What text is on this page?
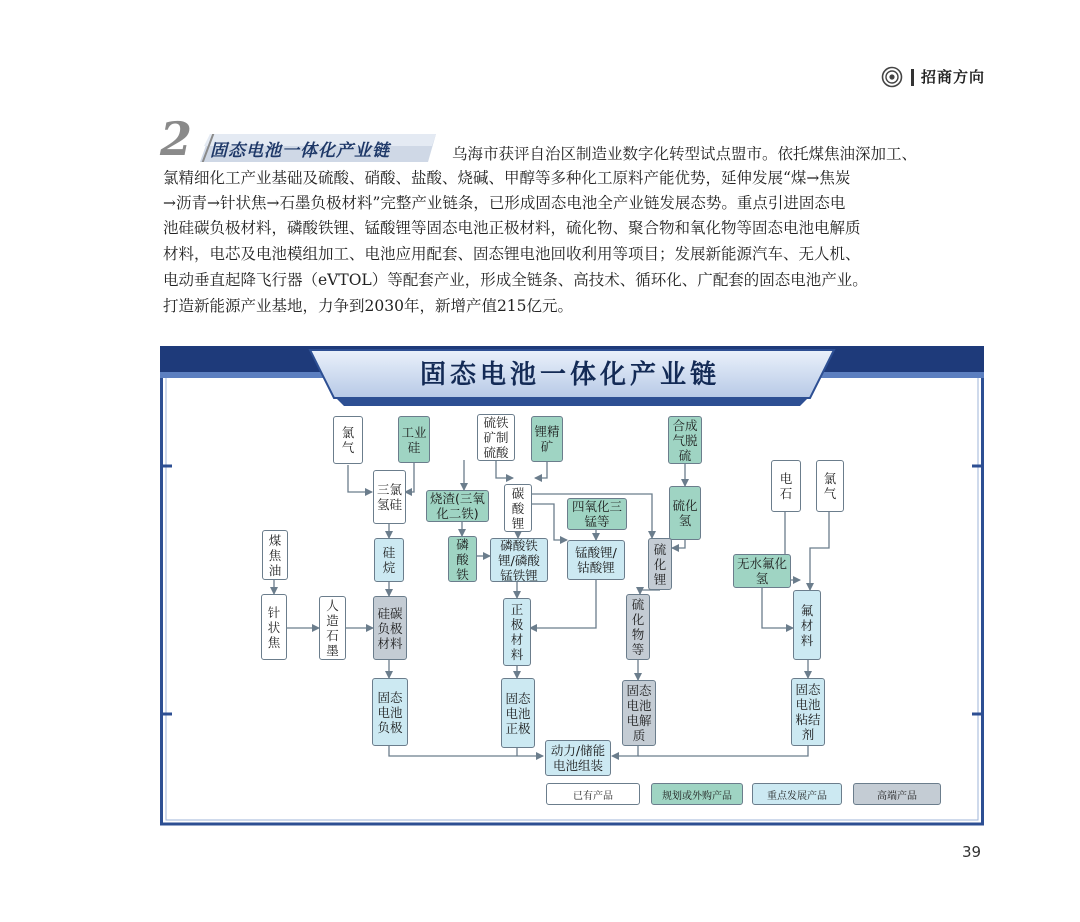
招商方向
2 固态电池一体化产业链	乌海市获评自治区制造业数字化转型试点盟市。依托煤焦油深加工、
氯精细化工产业基础及硫酸、硝酸、盐酸、烧碱、甲醇等多种化工原料产能优势，延伸发展“煤→焦炭
→沥青→针状焦→石墨负极材料”完整产业链条，已形成固态电池全产业链发展态势。重点引进固态电
池硅碳负极材料，磷酸铁锂、锰酸锂等固态电池正极材料，硫化物、聚合物和氧化物等固态电池电解质
材料，电芯及电池模组加工、电池应用配套、固态锂电池回收利用等项目；发展新能源汽车、无人机、
电动垂直起降飞行器（eVTOL）等配套产业，形成全链条、高技术、循环化、广配套的固态电池产业。
打造新能源产业基地，力争到2030年，新增产值215亿元。
固态电池一体化产业链
氯气
工业硅
硫铁矿制硫酸
锂精矿
合成气脱硫
三氯氢硅	烧渣(三氧化二铁)
碳酸锂
四氧化三锰等
硫化氢
电石
氯气
煤焦油
硅烷
磷酸铁
磷酸铁锂/磷酸锰铁锂
锰酸锂/钴酸锂
硫化锂
无水氟化氢
针状焦
人造石墨
硅碳负极材料
正极材料
硫化物等
氟材料
固态电池负极
固态电池正极
固态电池电解质
固态电池粘结剂
动力/储能电池组装
已有产品	规划或外购产品	重点发展产品	高端产品
39
